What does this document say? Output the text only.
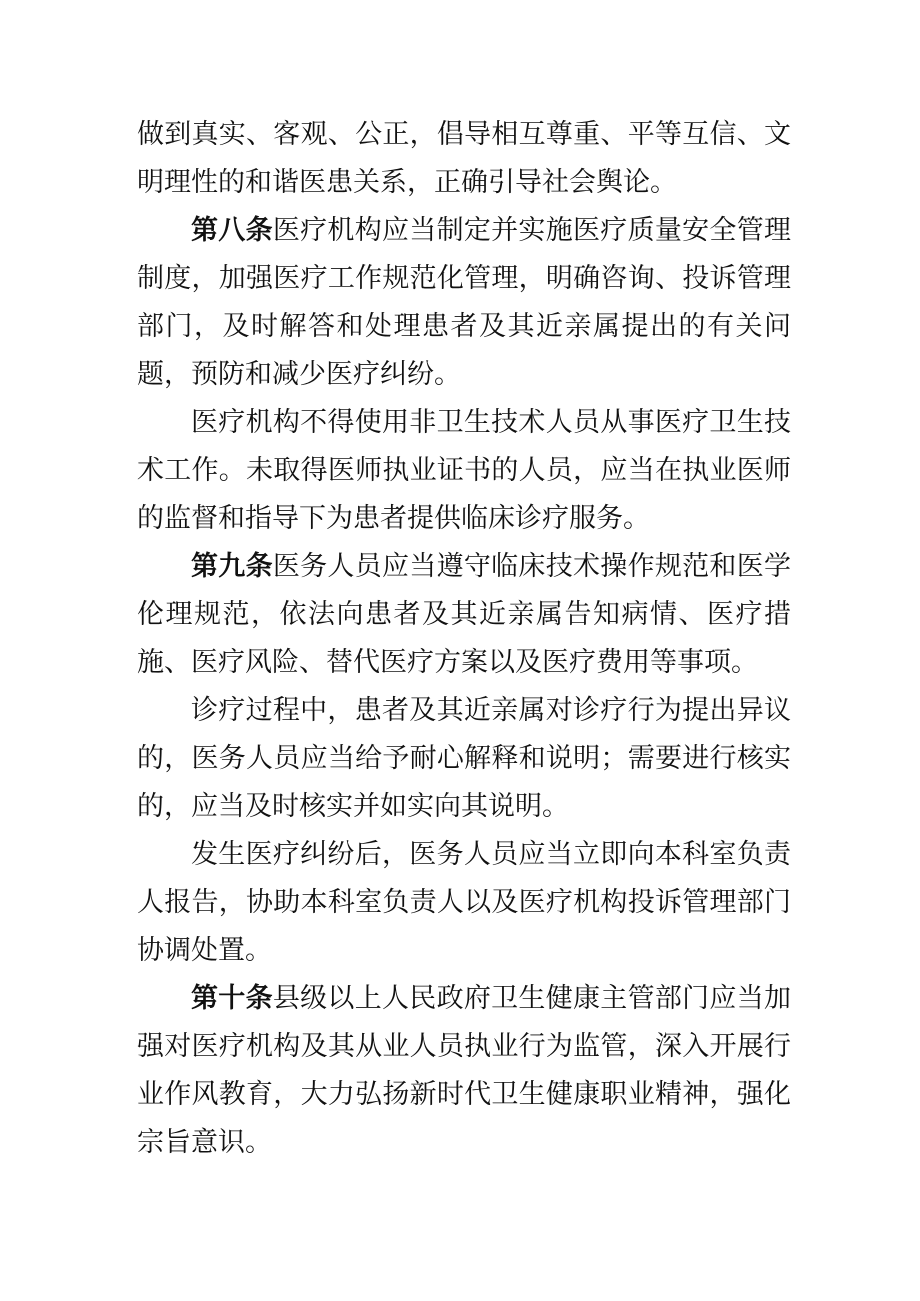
做到真实、客观、公正，倡导相互尊重、平等互信、文明理性的和谐医患关系，正确引导社会舆论。

第八条医疗机构应当制定并实施医疗质量安全管理制度，加强医疗工作规范化管理，明确咨询、投诉管理部门，及时解答和处理患者及其近亲属提出的有关问题，预防和减少医疗纠纷。

医疗机构不得使用非卫生技术人员从事医疗卫生技术工作。未取得医师执业证书的人员，应当在执业医师的监督和指导下为患者提供临床诊疗服务。

第九条医务人员应当遵守临床技术操作规范和医学伦理规范，依法向患者及其近亲属告知病情、医疗措施、医疗风险、替代医疗方案以及医疗费用等事项。

诊疗过程中，患者及其近亲属对诊疗行为提出异议的，医务人员应当给予耐心解释和说明；需要进行核实的，应当及时核实并如实向其说明。

发生医疗纠纷后，医务人员应当立即向本科室负责人报告，协助本科室负责人以及医疗机构投诉管理部门协调处置。

第十条县级以上人民政府卫生健康主管部门应当加强对医疗机构及其从业人员执业行为监管，深入开展行业作风教育，大力弘扬新时代卫生健康职业精神，强化宗旨意识。
